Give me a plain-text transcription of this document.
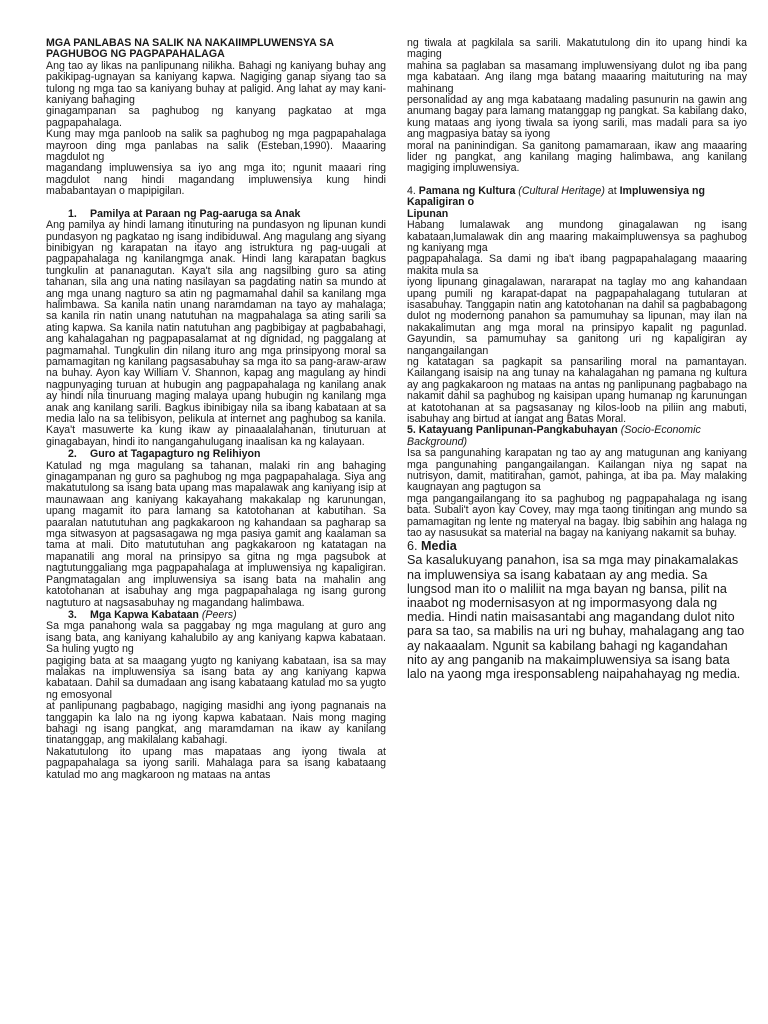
MGA PANLABAS NA SALIK NA NAKAIIMPLUWENSYA SA

PAGHUBOG NG PAGPAPAHALAGA

Ang tao ay likas na panlipunang nilikha. Bahagi ng kaniyang buhay ang pakikipag-ugnayan sa kaniyang kapwa. Nagiging ganap siyang tao sa tulong ng mga tao sa kaniyang buhay at paligid. Ang lahat ay may kani-kaniyang bahaging

ginagampanan sa paghubog ng kanyang pagkatao at mga pagpapahalaga.

Kung may mga panloob na salik sa paghubog ng mga pagpapahalaga mayroon ding mga panlabas na salik (Esteban,1990). Maaaring magdulot ng

magandang impluwensiya sa iyo ang mga ito; ngunit maaari ring magdulot nang hindi magandang impluwensiya kung hindi mababantayan o mapipigilan.

1. Pamilya at Paraan ng Pag-aaruga sa Anak

Ang pamilya ay hindi lamang itinuturing na pundasyon ng lipunan kundi pundasyon ng pagkatao ng isang indibiduwal. Ang magulang ang siyang binibigyan ng karapatan na itayo ang istruktura ng pag-uugali at pagpapahalaga ng kanilangmga anak. Hindi lang karapatan bagkus tungkulin at pananagutan. Kaya't sila ang nagsilbing guro sa ating tahanan, sila ang una nating nasilayan sa pagdating natin sa mundo at ang mga unang nagturo sa atin ng pagmamahal dahil sa kanilang mga halimbawa. Sa kanila natin unang naramdaman na tayo ay mahalaga; sa kanila rin natin unang natutuhan na magpahalaga sa ating sarili sa ating kapwa. Sa kanila natin natutuhan ang pagbibigay at pagbabahagi, ang kahalagahan ng pagpapasalamat at ng dignidad, ng paggalang at pagmamahal. Tungkulin din nilang ituro ang mga prinsipyong moral sa pamamagitan ng kanilang pagsasabuhay sa mga ito sa pang-araw-araw na buhay. Ayon kay William V. Shannon, kapag ang magulang ay hindi nagpunyaging turuan at hubugin ang pagpapahalaga ng kanilang anak ay hindi nila tinuruang maging malaya upang hubugin ng kanilang mga anak ang kanilang sarili. Bagkus ibinibigay nila sa ibang kabataan at sa media lalo na sa telibisyon, pelikula at internet ang paghubog sa kanila. Kaya't masuwerte ka kung ikaw ay pinaaalalahanan, tinuturuan at ginagabayan, hindi ito nangangahulugang inaalisan ka ng kalayaan.

2. Guro at Tagapagturo ng Relihiyon

Katulad ng mga magulang sa tahanan, malaki rin ang bahaging ginagampanan ng guro sa paghubog ng mga pagpapahalaga. Siya ang makatutulong sa isang bata upang mas mapalawak ang kaniyang isip at maunawaan ang kaniyang kakayahang makakalap ng karunungan, upang magamit ito para lamang sa katotohanan at kabutihan. Sa paaralan natututuhan ang pagkakaroon ng kahandaan sa pagharap sa mga sitwasyon at pagsasagawa ng mga pasiya gamit ang kaalaman sa tama at mali. Dito matututuhan ang pagkakaroon ng katatagan na mapanatili ang moral na prinsipyo sa gitna ng mga pagsubok at nagtutunggaliang mga pagpapahalaga at impluwensiya ng kapaligiran. Pangmatagalan ang impluwensiya sa isang bata na mahalin ang katotohanan at isabuhay ang mga pagpapahalaga ng isang gurong nagtuturo at nagsasabuhay ng magandang halimbawa.

3. Mga Kapwa Kabataan (Peers)

Sa mga panahong wala sa paggabay ng mga magulang at guro ang isang bata, ang kaniyang kahalubilo ay ang kaniyang kapwa kabataan. Sa huling yugto ng

pagiging bata at sa maagang yugto ng kaniyang kabataan, isa sa may malakas na impluwensiya sa isang bata ay ang kaniyang kapwa kabataan. Dahil sa dumadaan ang isang kabataang katulad mo sa yugto ng emosyonal

at panlipunang pagbabago, nagiging masidhi ang iyong pagnanais na tanggapin ka lalo na ng iyong kapwa kabataan. Nais mong maging bahagi ng isang pangkat, ang maramdaman na ikaw ay kanilang tinatanggap, ang makilalang kabahagi.

Nakatutulong ito upang mas mapataas ang iyong tiwala at pagpapahalaga sa iyong sarili. Mahalaga para sa isang kabataang katulad mo ang magkaroon ng mataas na antas

ng tiwala at pagkilala sa sarili. Makatutulong din ito upang hindi ka maging

mahina sa paglaban sa masamang impluwensiyang dulot ng iba pang mga kabataan. Ang ilang mga batang maaaring maituturing na may mahinang

personalidad ay ang mga kabataang madaling pasunurin na gawin ang anumang bagay para lamang matanggap ng pangkat. Sa kabilang dako, kung mataas ang iyong tiwala sa iyong sarili, mas madali para sa iyo ang magpasiya batay sa iyong

moral na paninindigan. Sa ganitong pamamaraan, ikaw ang maaaring lider ng pangkat, ang kanilang maging halimbawa, ang kanilang magiging impluwensiya.

4. Pamana ng Kultura (Cultural Heritage) at Impluwensiya ng Kapaligiran o

Lipunan

Habang lumalawak ang mundong ginagalawan ng isang kabataan,lumalawak din ang maaring makaimpluwensya sa paghubog ng kaniyang mga

pagpapahalaga. Sa dami ng iba't ibang pagpapahalagang maaaring makita mula sa

iyong lipunang ginagalawan, nararapat na taglay mo ang kahandaan upang pumili ng karapat-dapat na pagpapahalagang tutularan at isasabuhay. Tanggapin natin ang katotohanan na dahil sa pagbabagong dulot ng modernong panahon sa pamumuhay sa lipunan, may ilan na nakakalimutan ang mga moral na prinsipyo kapalit ng pagunlad. Gayundin, sa pamumuhay sa ganitong uri ng kapaligiran ay nangangailangan

ng katatagan sa pagkapit sa pansariling moral na pamantayan. Kailangang isaisip na ang tunay na kahalagahan ng pamana ng kultura ay ang pagkakaroon ng mataas na antas ng panlipunang pagbabago na nakamit dahil sa paghubog ng kaisipan upang humanap ng karunungan at katotohanan at sa pagsasanay ng kilos-loob na piliin ang mabuti, isabuhay ang birtud at iangat ang Batas Moral.

5. Katayuang Panlipunan-Pangkabuhayan (Socio-Economic Background)

Isa sa pangunahing karapatan ng tao ay ang matugunan ang kaniyang mga pangunahing pangangailangan. Kailangan niya ng sapat na nutrisyon, damit, matitirahan, gamot, pahinga, at iba pa. May malaking kaugnayan ang pagtugon sa

mga pangangailangang ito sa paghubog ng pagpapahalaga ng isang bata. Subali't ayon kay Covey, may mga taong tinitingan ang mundo sa pamamagitan ng lente ng materyal na bagay. Ibig sabihin ang halaga ng tao ay nasusukat sa material na bagay na kaniyang nakamit sa buhay.

6. Media

Sa kasalukuyang panahon, isa sa mga may pinakamalakas na impluwensiya sa isang kabataan ay ang media. Sa lungsod man ito o maliliit na mga bayan ng bansa, pilit na inaabot ng modernisasyon at ng impormasyong dala ng media. Hindi natin maisasantabi ang magandang dulot nito para sa tao, sa mabilis na uri ng buhay, mahalagang ang tao ay nakaaalam. Ngunit sa kabilang bahagi ng kagandahan nito ay ang panganib na makaimpluwensiya sa isang bata lalo na yaong mga iresponsableng naipahahayag ng media.
